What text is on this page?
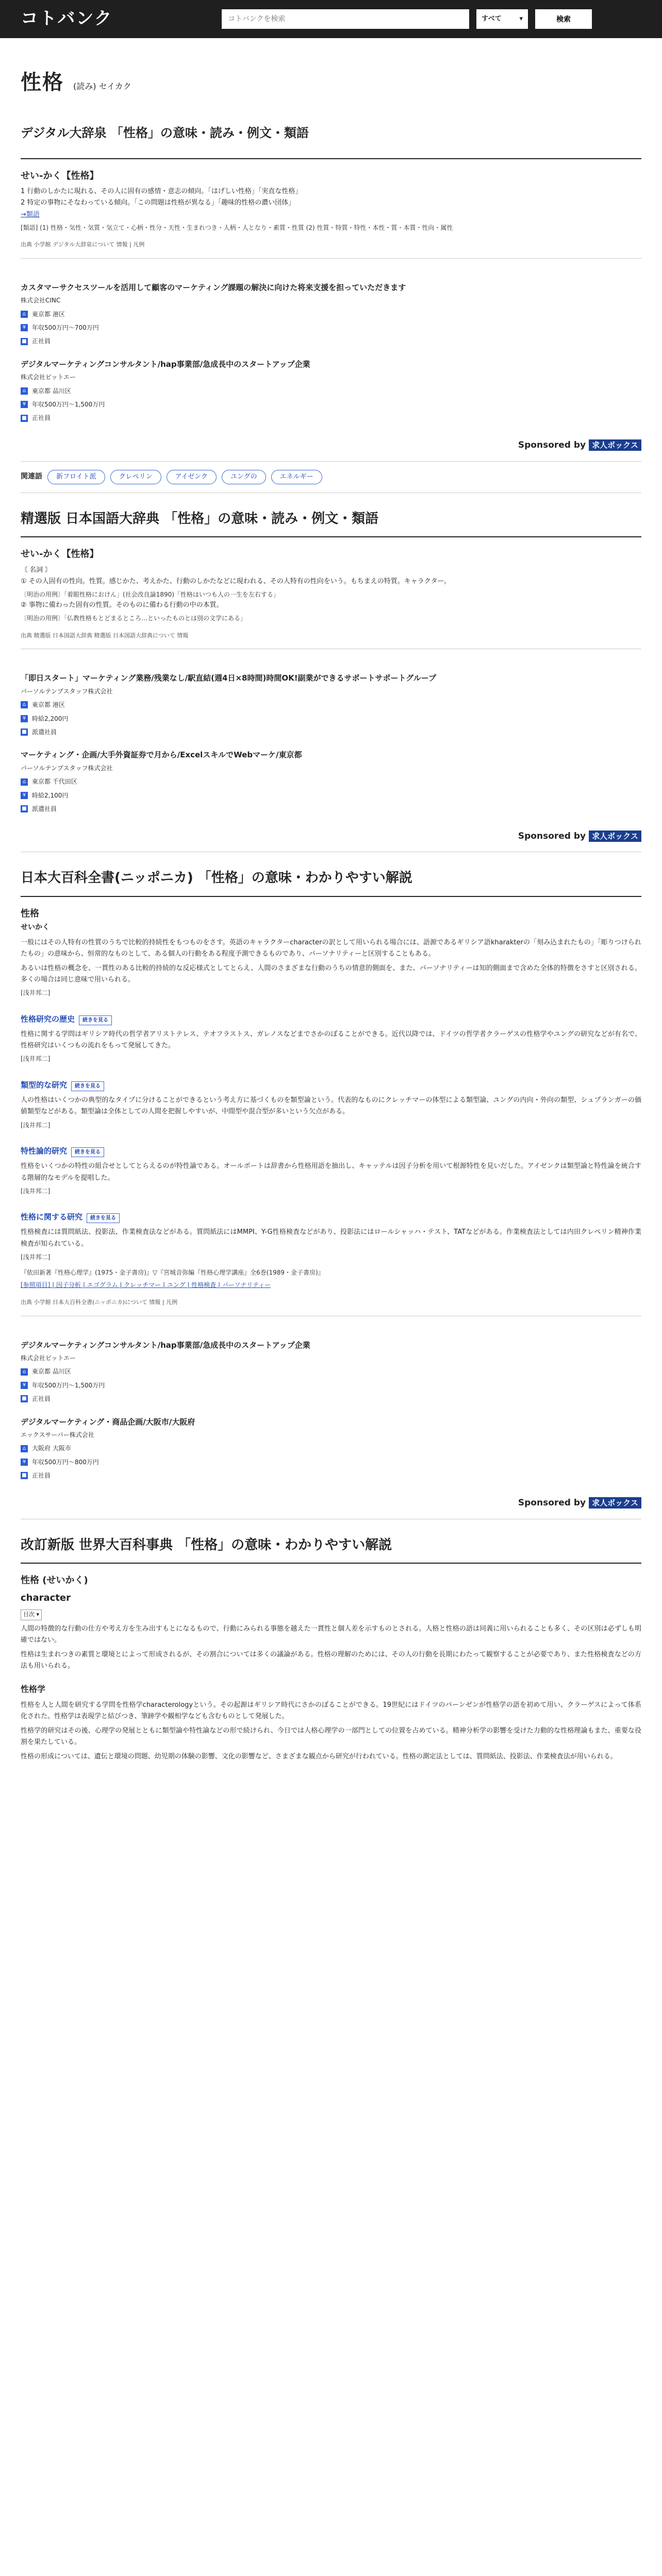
コトバンク
コトバンクを検索	すべて	▾	検索
性格 (読み) セイカク
デジタル大辞泉 「性格」の意味・読み・例文・類語
せい‐かく【性格】
1 行動のしかたに現れる、その人に固有の感情・意志の傾向。「はげしい性格」「実直な性格」
2 特定の事物にそなわっている傾向。「この問題は性格が異なる」「趣味的性格の濃い団体」
→類語
[類語] (1) 性格・気性・気質・気立て・心柄・性分・天性・生まれつき・人柄・人となり・素質・性質 (2) 性質・特質・特性・本性・質・本質・性向・属性
出典 小学館 デジタル大辞泉について 情報 | 凡例
カスタマーサクセスツールを活用して顧客のマーケティング課題の解決に向けた将来支援を担っていただきます
株式会社CINC
⌂ 東京都 港区
¥ 年収500万円〜700万円
■ 正社員
デジタルマーケティングコンサルタント/hap事業部/急成長中のスタートアップ企業
株式会社ビットエー
⌂ 東京都 品川区
¥ 年収500万円〜1,500万円
■ 正社員
Sponsored by 求人ボックス
関連語	新フロイト派	クレペリン	アイゼンク	ユングの	エネルギー
精選版 日本国語大辞典 「性格」の意味・読み・例文・類語
せい‐かく【性格】
〘 名詞 〙
① その人固有の性向。性質。感じかた、考えかた、行動のしかたなどに現われる、その人特有の性向をいう。もちまえの特質。キャラクター。
〔明治の用例〕「着眼性格におけん」(社会改良論1890)「性格はいつも人の一生を左右する」
② 事物に備わった固有の性質。そのものに備わる行動の中の本質。
〔明治の用例〕「仏教性格もとどまるところ…といったものとは別の文学にある」
出典 精選版 日本国語大辞典 精選版 日本国語大辞典について 情報
「即日スタート」マーケティング業務/残業なし/駅直結(週4日×8時間)時間OK!副業ができるサポートサポートグループ
パーソルテンプスタッフ株式会社
⌂ 東京都 港区
¥ 時給2,200円
■ 派遣社員
マーケティング・企画/大手外資証券で月から/ExcelスキルでWebマーケ/東京都
パーソルテンプスタッフ株式会社
⌂ 東京都 千代田区
¥ 時給2,100円
■ 派遣社員
Sponsored by 求人ボックス
日本大百科全書(ニッポニカ) 「性格」の意味・わかりやすい解説
性格
せいかく
一般にはその人特有の性質のうちで比較的持続性をもつものをさす。英語のキャラクターcharacterの訳として用いられる場合には、語源であるギリシア語kharakterの「刻み込まれたもの」「彫りつけられたもの」の意味から、恒常的なものとして、ある個人の行動をある程度予測できるものであり、パーソナリティーと区別することもある。
あるいは性格の概念を、一貫性のある比較的持続的な反応様式としてとらえ、人間のさまざまな行動のうちの情意的側面を、また、パーソナリティーは知的側面まで含めた全体的特徴をさすと区別される。多くの場合は同じ意味で用いられる。
[浅井邦二]
性格研究の歴史 続きを見る
性格に関する学問はギリシア時代の哲学者アリストテレス、テオフラストス、ガレノスなどまでさかのぼることができる。近代以降では、ドイツの哲学者クラーゲスの性格学やユングの研究などが有名で、性格研究はいくつもの流れをもって発展してきた。
[浅井邦二]
類型的な研究 続きを見る
人の性格はいくつかの典型的なタイプに分けることができるという考え方に基づくものを類型論という。代表的なものにクレッチマーの体型による類型論、ユングの内向・外向の類型、シュプランガーの価値類型などがある。類型論は全体としての人間を把握しやすいが、中間型や混合型が多いという欠点がある。
[浅井邦二]
特性論的研究 続きを見る
性格をいくつかの特性の組合せとしてとらえるのが特性論である。オールポートは辞書から性格用語を抽出し、キャッテルは因子分析を用いて根源特性を見いだした。アイゼンクは類型論と特性論を統合する階層的なモデルを提唱した。
[浅井邦二]
性格に関する研究 続きを見る
性格検査には質問紙法、投影法、作業検査法などがある。質問紙法にはMMPI、Y-G性格検査などがあり、投影法にはロールシャッハ・テスト、TATなどがある。作業検査法としては内田クレペリン精神作業検査が知られている。
[浅井邦二]
『依田新著『性格心理学』(1975・金子書房)』▽『宮城音弥編『性格心理学講座』全6巻(1989・金子書房)』
[参照項目] | 因子分析 | エゴグラム | クレッチマー | ユング | 性格検査 | パーソナリティー
出典 小学館 日本大百科全書(ニッポニカ)について 情報 | 凡例
デジタルマーケティングコンサルタント/hap事業部/急成長中のスタートアップ企業
株式会社ビットエー
⌂ 東京都 品川区
¥ 年収500万円〜1,500万円
■ 正社員
デジタルマーケティング・商品企画/大阪市/大阪府
エックスサーバー株式会社
⌂ 大阪府 大阪市
¥ 年収500万円〜800万円
■ 正社員
Sponsored by 求人ボックス
改訂新版 世界大百科事典 「性格」の意味・わかりやすい解説
性格 (せいかく)
character
目次 ▾
人間の特徴的な行動の仕方や考え方を生み出すもとになるもので、行動にみられる事態を越えた一貫性と個人差を示すものとされる。人格と性格の語は同義に用いられることも多く、その区別は必ずしも明確ではない。
性格は生まれつきの素質と環境とによって形成されるが、その割合については多くの議論がある。性格の理解のためには、その人の行動を長期にわたって観察することが必要であり、また性格検査などの方法も用いられる。
性格学
性格を人と人間を研究する学問を性格学characterologyという。その起源はギリシア時代にさかのぼることができる。19世紀にはドイツのバーンゼンが性格学の語を初めて用い、クラーゲスによって体系化された。性格学は表現学と結びつき、筆跡学や観相学なども含むものとして発展した。
性格学的研究はその後、心理学の発展とともに類型論や特性論などの形で続けられ、今日では人格心理学の一部門としての位置を占めている。精神分析学の影響を受けた力動的な性格理論もまた、重要な役割を果たしている。
性格の形成については、遺伝と環境の問題、幼児期の体験の影響、文化の影響など、さまざまな観点から研究が行われている。性格の測定法としては、質問紙法、投影法、作業検査法が用いられる。
